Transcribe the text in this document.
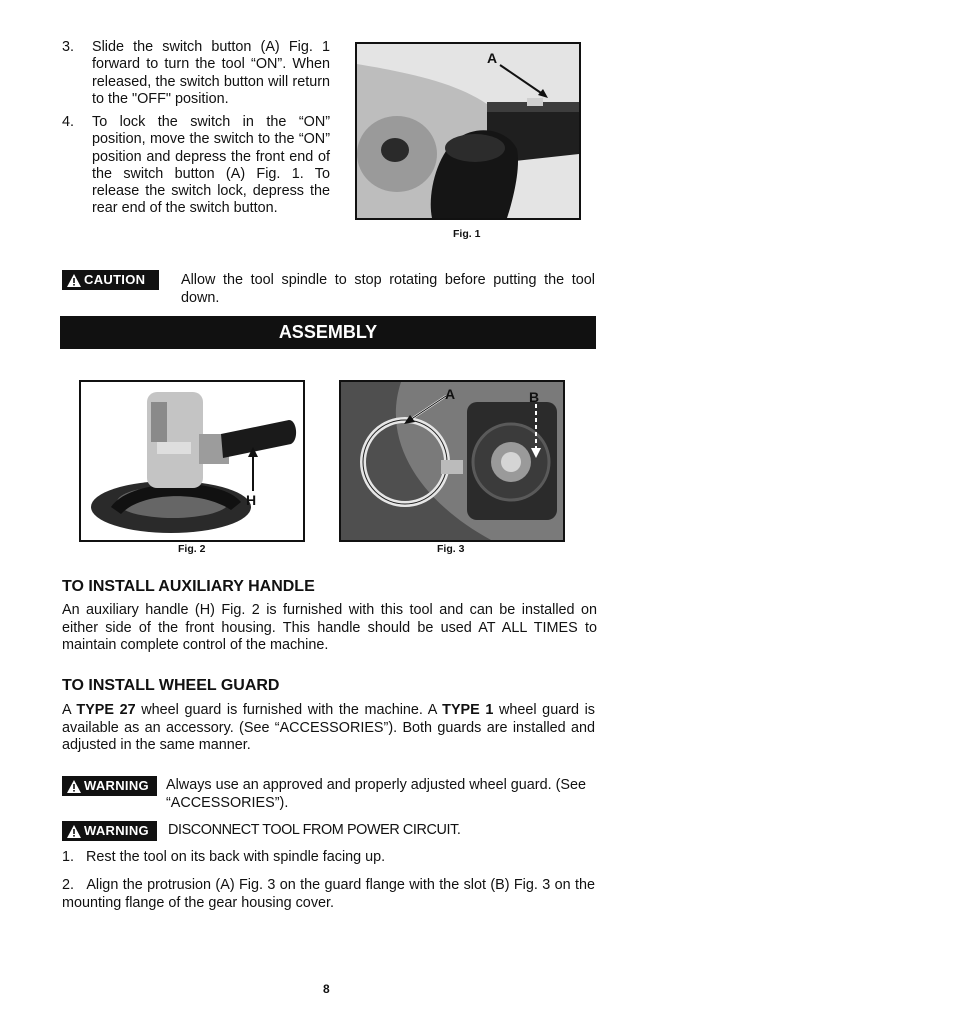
3. Slide the switch button (A) Fig. 1 forward to turn the tool “ON”. When released, the switch button will return to the "OFF" position.

4. To lock the switch in the “ON” position, move the switch to the “ON” position and depress the front end of the switch button (A) Fig. 1. To release the switch lock, depress the rear end of the switch button.

A
Fig. 1
CAUTION Allow the tool spindle to stop rotating before putting the tool down.

ASSEMBLY
H
Fig. 2
A	B
Fig. 3
TO INSTALL AUXILIARY HANDLE

An auxiliary handle (H) Fig. 2 is furnished with this tool and can be installed on either side of the front housing. This handle should be used AT ALL TIMES to maintain complete control of the machine.

TO INSTALL WHEEL GUARD

A TYPE 27 wheel guard is furnished with the machine. A TYPE 1 wheel guard is available as an accessory. (See “ACCESSORIES”). Both guards are installed and adjusted in the same manner.

WARNING Always use an approved and properly adjusted wheel guard. (See “ACCESSORIES”).

WARNING DISCONNECT TOOL FROM POWER CIRCUIT.

1.   Rest the tool on its back with spindle facing up.

2.   Align the protrusion (A) Fig. 3 on the guard flange with the slot (B) Fig. 3 on the mounting flange of the gear housing cover.

8
